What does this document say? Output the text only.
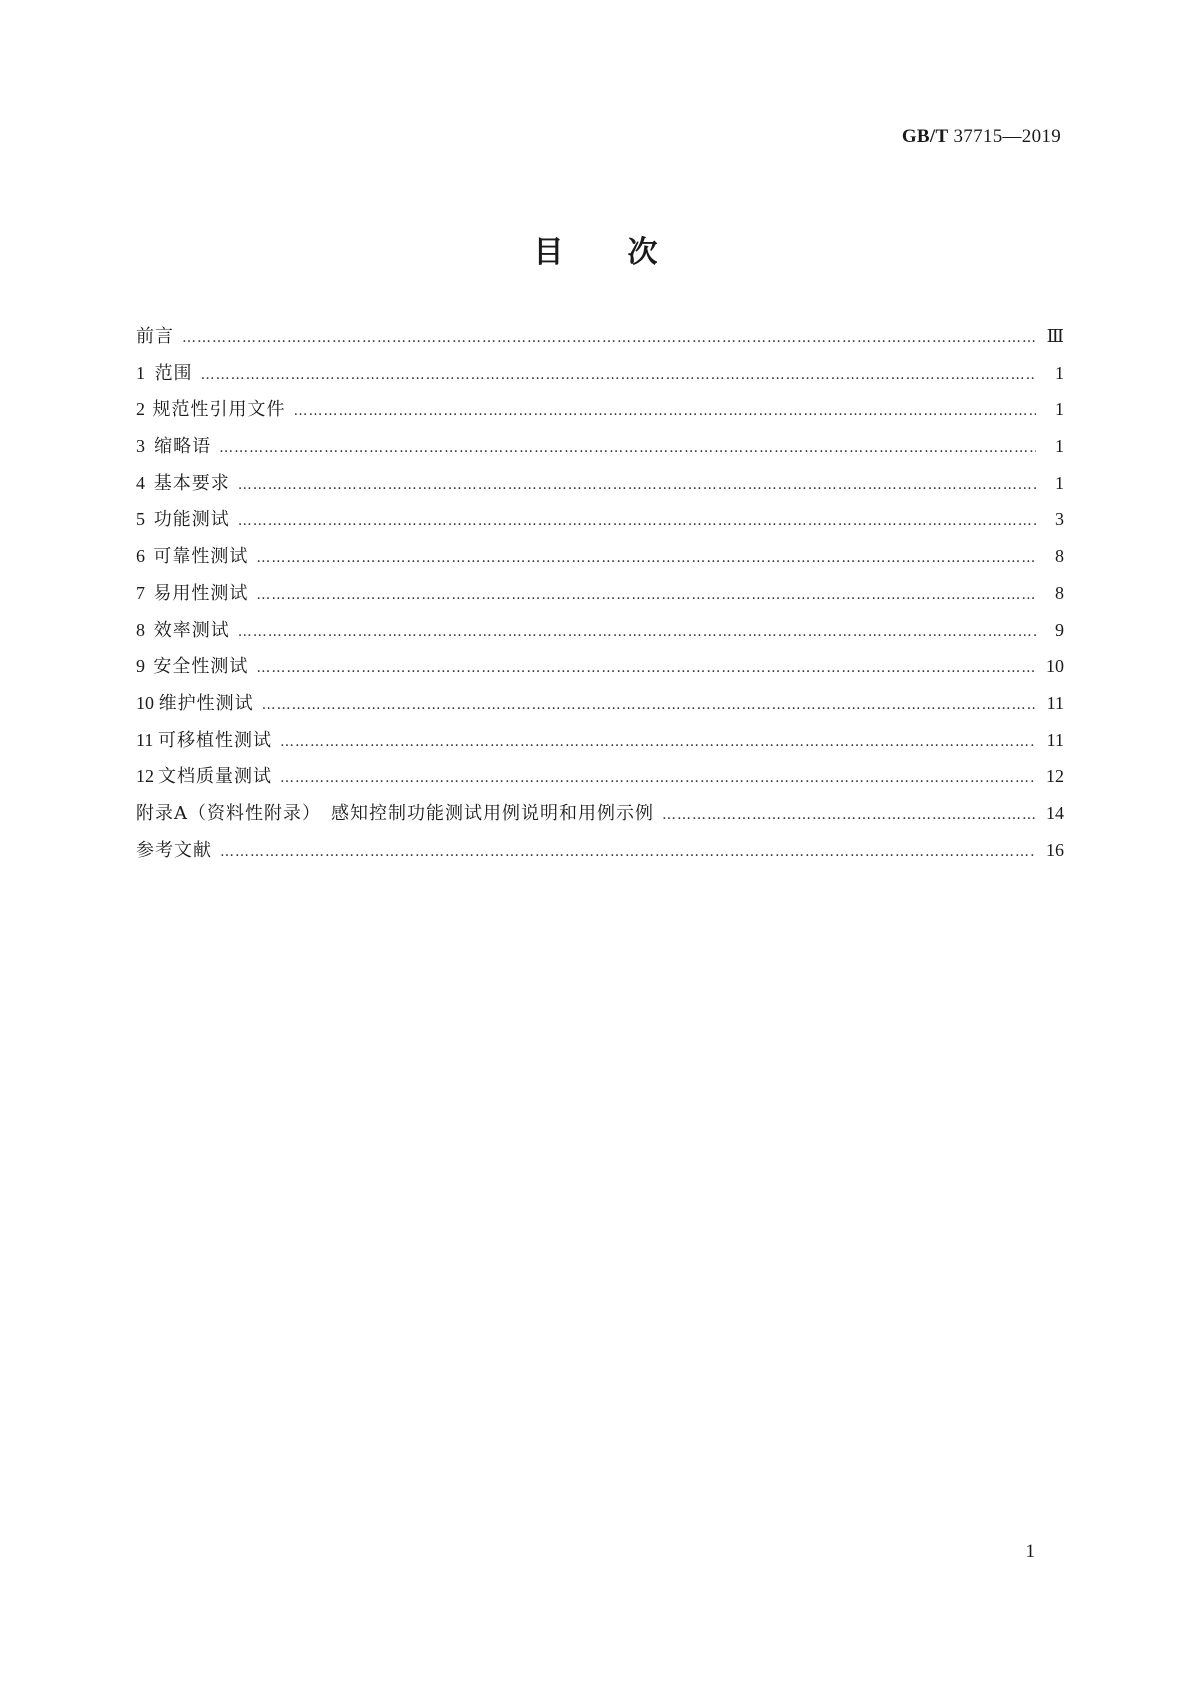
GB/T 37715—2019
目 次
前言 ………………………………………………………………………………………………………………………………………………………………………………………………………………………………………………………………	Ⅲ
1 范围 ………………………………………………………………………………………………………………………………………………………………………………………………………………………………………………………………	1
2 规范性引用文件 ………………………………………………………………………………………………………………………………………………………………………………………………………………………………………………………………	1
3 缩略语 ………………………………………………………………………………………………………………………………………………………………………………………………………………………………………………………………	1
4 基本要求 ………………………………………………………………………………………………………………………………………………………………………………………………………………………………………………………………	1
5 功能测试 ………………………………………………………………………………………………………………………………………………………………………………………………………………………………………………………………	3
6 可靠性测试 ………………………………………………………………………………………………………………………………………………………………………………………………………………………………………………………………	8
7 易用性测试 ………………………………………………………………………………………………………………………………………………………………………………………………………………………………………………………………	8
8 效率测试 ………………………………………………………………………………………………………………………………………………………………………………………………………………………………………………………………	9
9 安全性测试 ………………………………………………………………………………………………………………………………………………………………………………………………………………………………………………………………	10
10 维护性测试 ………………………………………………………………………………………………………………………………………………………………………………………………………………………………………………………………	11
11 可移植性测试 ………………………………………………………………………………………………………………………………………………………………………………………………………………………………………………………………	11
12 文档质量测试 ………………………………………………………………………………………………………………………………………………………………………………………………………………………………………………………………	12
附录A（资料性附录）　感知控制功能测试用例说明和用例示例 ………………………………………………………………………………………………………………………………………………………………………………………………………………………………………………………………	14
参考文献 ………………………………………………………………………………………………………………………………………………………………………………………………………………………………………………………………	16
1
